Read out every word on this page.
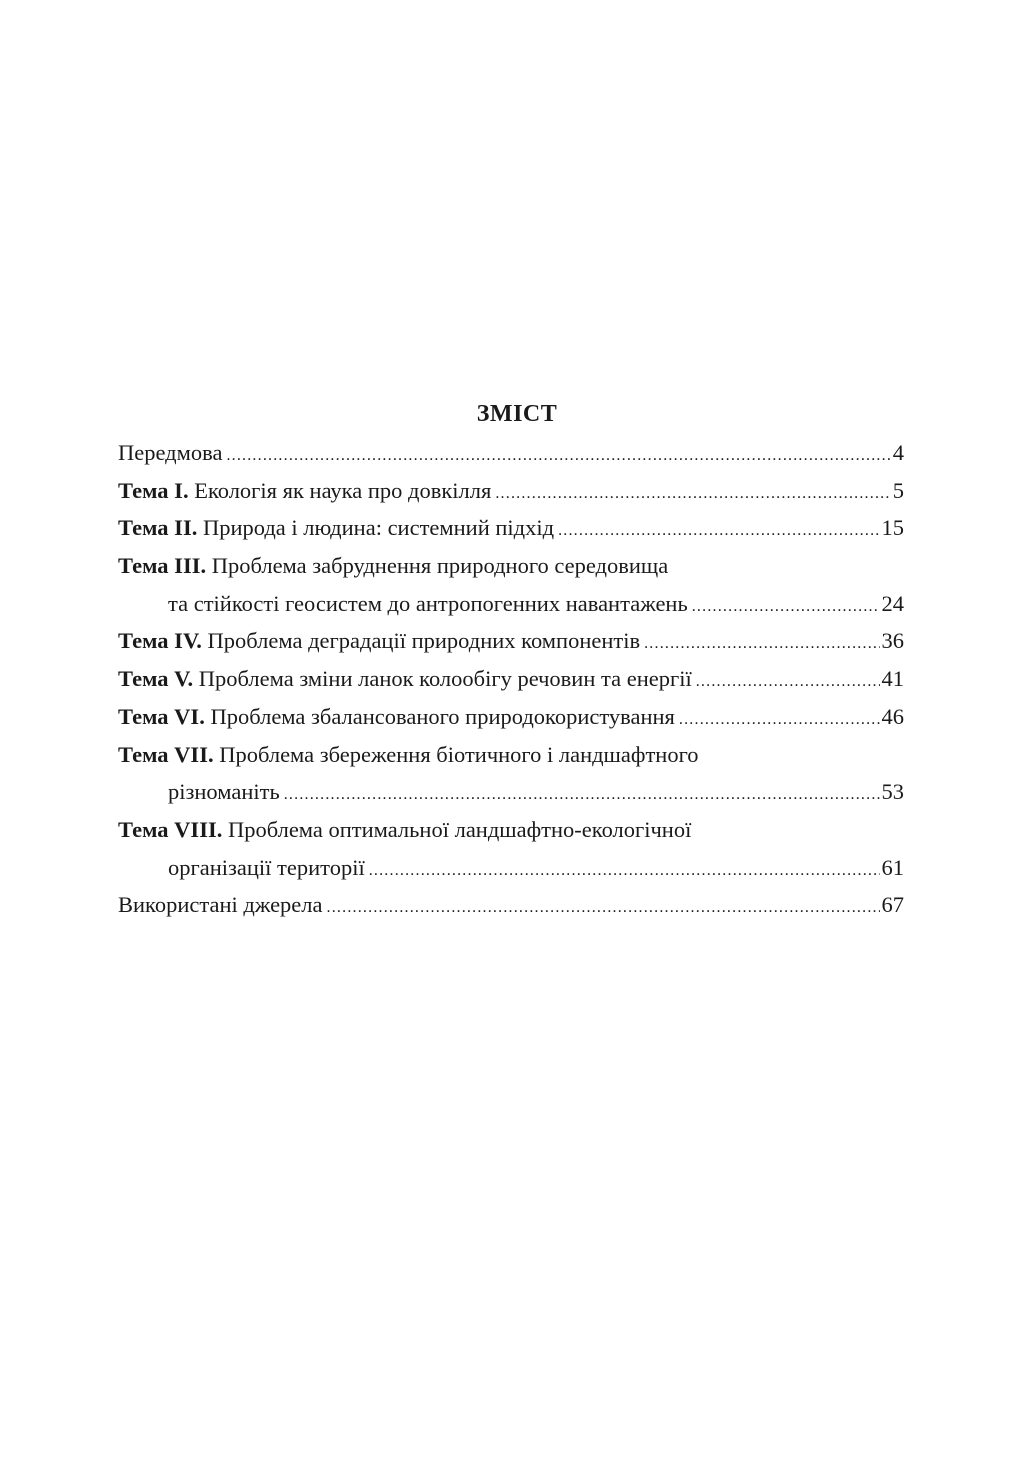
ЗМІСТ
Передмова .....	4
Тема I. Екологія як наука про довкілля .....	5
Тема II. Природа і людина: системний підхід .....	15
Тема III. Проблема забруднення природного середовища
та стійкості геосистем до антропогенних навантажень .....	24
Тема IV. Проблема деградації природних компонентів .....	36
Тема V. Проблема зміни ланок колообігу речовин та енергії .....	41
Тема VI. Проблема збалансованого природокористування .....	46
Тема VII. Проблема збереження біотичного і ландшафтного
різноманіть .....	53
Тема VIII. Проблема оптимальної ландшафтно-екологічної
організації території .....	61
Використані джерела .....	67
